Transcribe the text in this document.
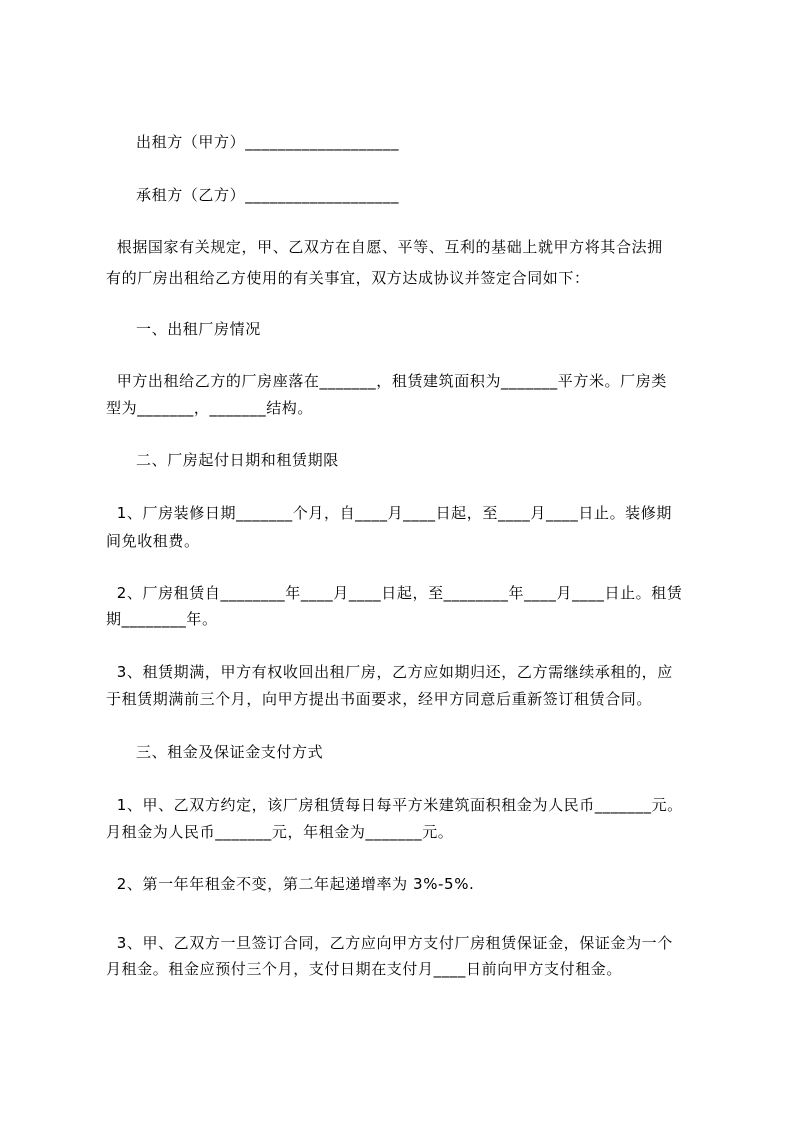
出租方（甲方）___________________
承租方（乙方）___________________
根据国家有关规定，甲、乙双方在自愿、平等、互利的基础上就甲方将其合法拥
有的厂房出租给乙方使用的有关事宜，双方达成协议并签定合同如下：
一、出租厂房情况
甲方出租给乙方的厂房座落在_______，租赁建筑面积为_______平方米。厂房类
型为_______，_______结构。
二、厂房起付日期和租赁期限
1、厂房装修日期_______个月，自____月____日起，至____月____日止。装修期
间免收租费。
2、厂房租赁自________年____月____日起，至________年____月____日止。租赁
期________年。
3、租赁期满，甲方有权收回出租厂房，乙方应如期归还，乙方需继续承租的，应
于租赁期满前三个月，向甲方提出书面要求，经甲方同意后重新签订租赁合同。
三、租金及保证金支付方式
1、甲、乙双方约定，该厂房租赁每日每平方米建筑面积租金为人民币_______元。
月租金为人民币_______元，年租金为_______元。
2、第一年年租金不变，第二年起递增率为 3%-5%.
3、甲、乙双方一旦签订合同，乙方应向甲方支付厂房租赁保证金，保证金为一个
月租金。租金应预付三个月，支付日期在支付月____日前向甲方支付租金。
